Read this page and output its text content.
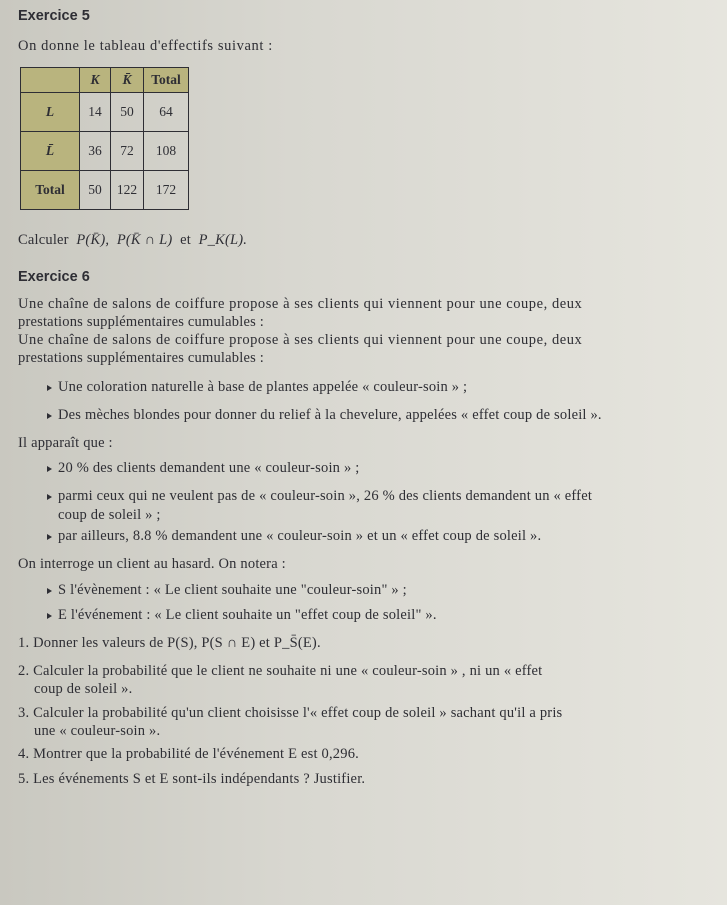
Exercice 5
On donne le tableau d'effectifs suivant :
	K	K̄	Total
L	14	50	64
L̄	36	72	108
Total	50	122	172
Calculer P(K̄), P(K̄ ∩ L) et P_K(L).
Exercice 6
Une chaîne de salons de coiffure propose à ses clients qui viennent pour une coupe, deux
prestations supplémentaires cumulables :
Une chaîne de salons de coiffure propose à ses clients qui viennent pour une coupe, deux
prestations supplémentaires cumulables :
Une coloration naturelle à base de plantes appelée « couleur-soin » ;
Des mèches blondes pour donner du relief à la chevelure, appelées « effet coup de soleil ».
Il apparaît que :
20 % des clients demandent une « couleur-soin » ;
parmi ceux qui ne veulent pas de « couleur-soin », 26 % des clients demandent un « effet
coup de soleil » ;
par ailleurs, 8.8 % demandent une « couleur-soin » et un « effet coup de soleil ».
On interroge un client au hasard. On notera :
S l'évènement : « Le client souhaite une "couleur-soin" » ;
E l'événement : « Le client souhaite un "effet coup de soleil" ».
1. Donner les valeurs de P(S), P(S ∩ E) et P_S̄(E).
2. Calculer la probabilité que le client ne souhaite ni une « couleur-soin » , ni un « effet
coup de soleil ».
3. Calculer la probabilité qu'un client choisisse l'« effet coup de soleil » sachant qu'il a pris
une « couleur-soin ».
4. Montrer que la probabilité de l'événement E est 0,296.
5. Les événements S et E sont-ils indépendants ? Justifier.
